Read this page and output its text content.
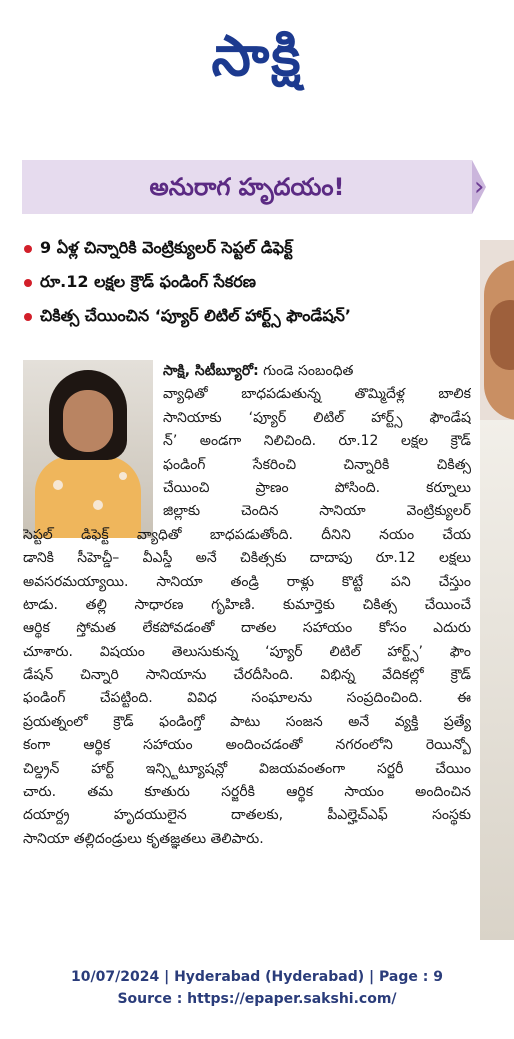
సాక్షి
అనురాగ హృదయం!	›
9 ఏళ్ల చిన్నారికి వెంట్రిక్యులర్ సెప్టల్ డిఫెక్ట్
రూ.12 లక్షల క్రౌడ్ ఫండింగ్ సేకరణ
చికిత్స చేయించిన ‘ప్యూర్ లిటిల్ హార్ట్స్ ఫౌండేషన్’
సాక్షి, సిటీబ్యూరో: గుండె సంబంధిత
వ్యాధితో బాధపడుతున్న తొమ్మిదేళ్ల బాలిక
సానియాకు ‘ప్యూర్ లిటిల్ హార్ట్స్ ఫౌండేష
న్’ అండగా నిలిచింది. రూ.12 లక్షల క్రౌడ్
ఫండింగ్ సేకరించి చిన్నారికి చికిత్స
చేయించి ప్రాణం పోసింది. కర్నూలు
జిల్లాకు చెందిన సానియా వెంట్రిక్యులర్
సెప్టల్ డిఫెక్ట్ వ్యాధితో బాధపడుతోంది. దీనిని నయం చేయ
డానికి సీహెచ్డీ– వీఎస్డీ అనే చికిత్సకు దాదాపు రూ.12 లక్షలు
అవసరమయ్యాయి. సానియా తండ్రి రాళ్లు కొట్టే పని చేస్తుం
టాడు. తల్లి సాధారణ గృహిణి. కుమార్తెకు చికిత్స చేయించే
ఆర్థిక స్తోమత లేకపోవడంతో దాతల సహాయం కోసం ఎదురు
చూశారు. విషయం తెలుసుకున్న ‘ప్యూర్ లిటిల్ హార్ట్స్’ ఫౌం
డేషన్ చిన్నారి సానియాను చేరదీసింది. విభిన్న వేదికల్లో క్రౌడ్
ఫండింగ్ చేపట్టింది. వివిధ సంఘాలను సంప్రదించింది. ఈ
ప్రయత్నంలో క్రౌడ్ ఫండింగ్తో పాటు సంజన అనే వ్యక్తి ప్రత్యే
కంగా ఆర్థిక సహాయం అందించడంతో నగరంలోని రెయిన్బో
చిల్డ్రన్ హార్ట్ ఇన్స్టిట్యూషన్లో విజయవంతంగా సర్జరీ చేయిం
చారు. తమ కూతురు సర్జరీకి ఆర్థిక సాయం అందించిన
దయార్ద్ర హృదయులైన దాతలకు, పీఎల్హెచ్ఎఫ్ సంస్థకు
సానియా తల్లిదండ్రులు కృతజ్ఞతలు తెలిపారు.
10/07/2024 | Hyderabad (Hyderabad) | Page : 9
Source : https://epaper.sakshi.com/
